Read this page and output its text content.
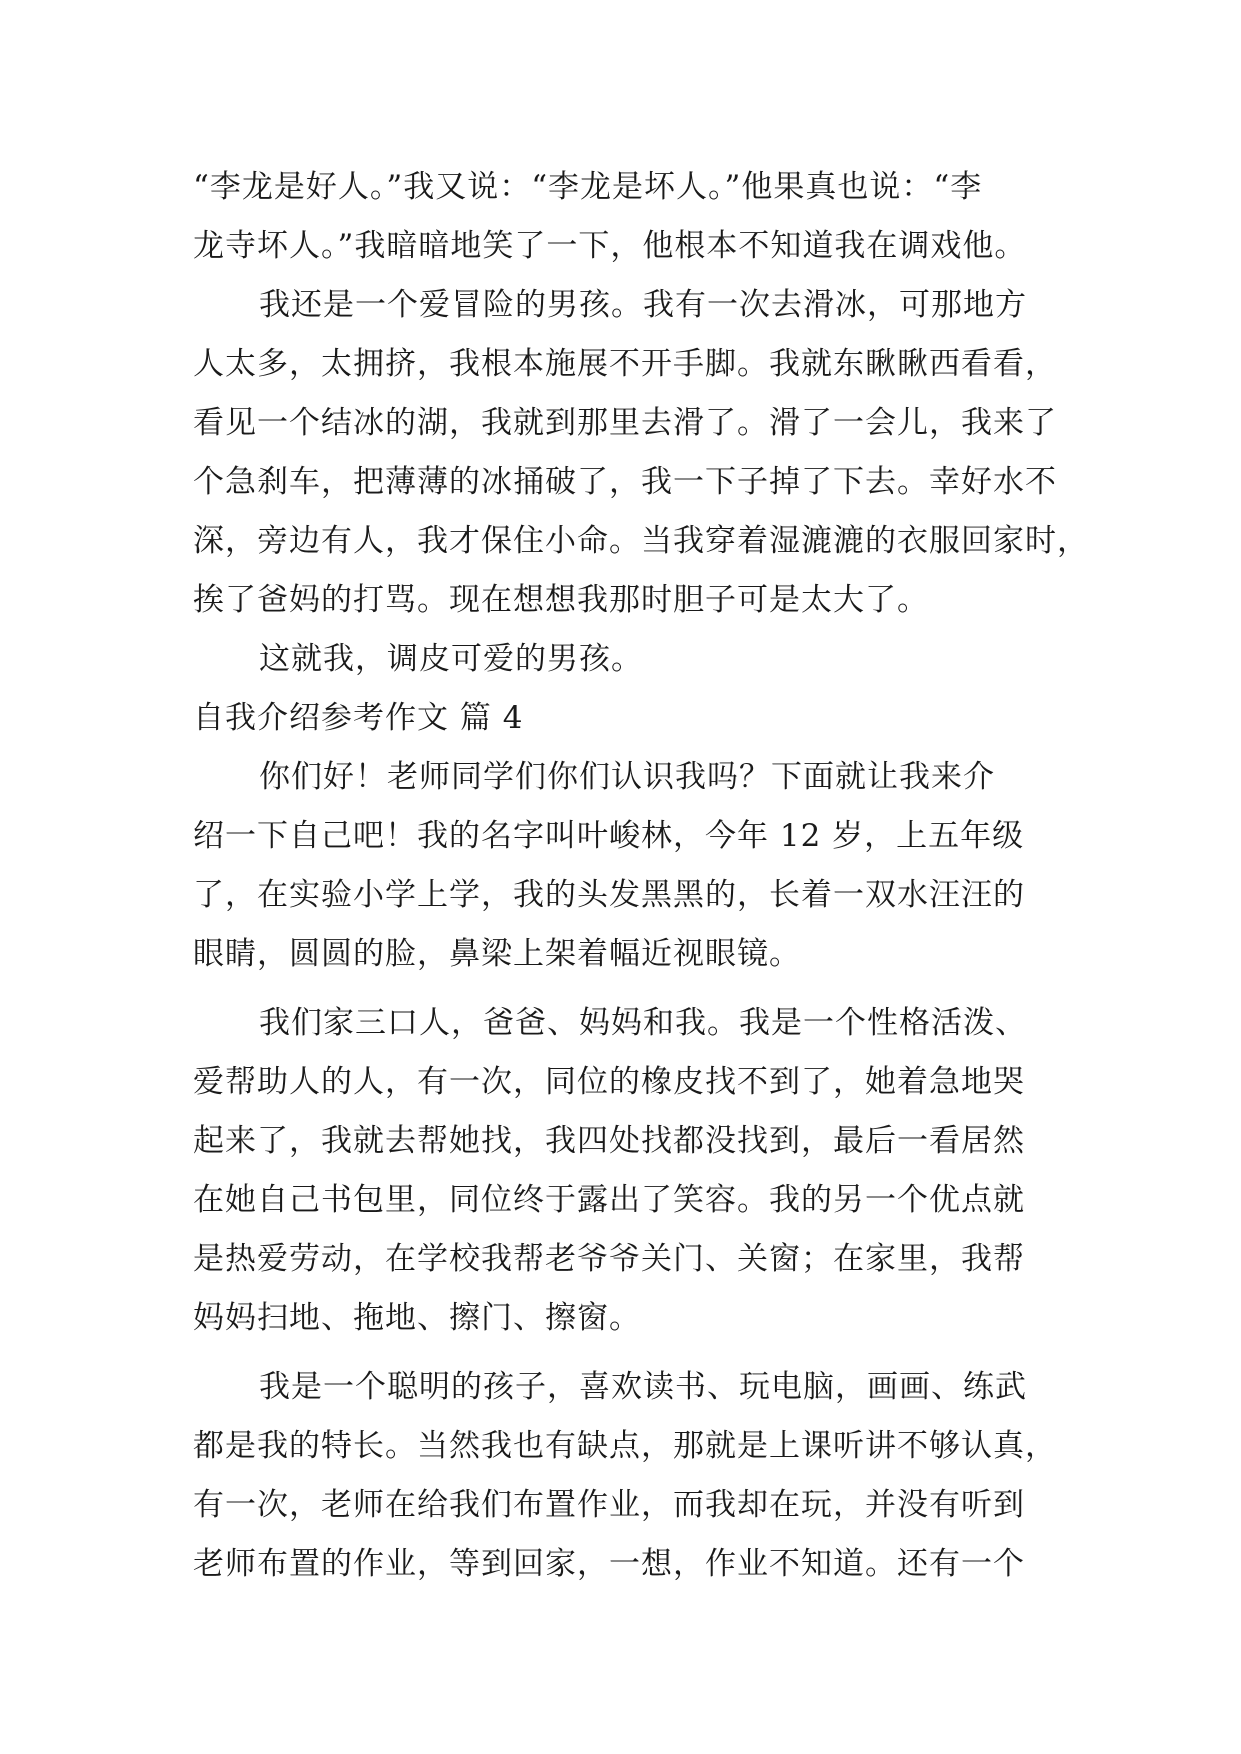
“李龙是好人。”我又说：“李龙是坏人。”他果真也说：“李
龙寺坏人。”我暗暗地笑了一下，他根本不知道我在调戏他。
我还是一个爱冒险的男孩。我有一次去滑冰，可那地方
人太多，太拥挤，我根本施展不开手脚。我就东瞅瞅西看看，
看见一个结冰的湖，我就到那里去滑了。滑了一会儿，我来了
个急刹车，把薄薄的冰捅破了，我一下子掉了下去。幸好水不
深，旁边有人，我才保住小命。当我穿着湿漉漉的衣服回家时，
挨了爸妈的打骂。现在想想我那时胆子可是太大了。
这就我，调皮可爱的男孩。
自我介绍参考作文 篇 4
你们好！老师同学们你们认识我吗？下面就让我来介
绍一下自己吧！我的名字叫叶峻林，今年 12 岁，上五年级
了，在实验小学上学，我的头发黑黑的，长着一双水汪汪的
眼睛，圆圆的脸，鼻梁上架着幅近视眼镜。
我们家三口人，爸爸、妈妈和我。我是一个性格活泼、
爱帮助人的人，有一次，同位的橡皮找不到了，她着急地哭
起来了，我就去帮她找，我四处找都没找到，最后一看居然
在她自己书包里，同位终于露出了笑容。我的另一个优点就
是热爱劳动，在学校我帮老爷爷关门、关窗；在家里，我帮
妈妈扫地、拖地、擦门、擦窗。
我是一个聪明的孩子，喜欢读书、玩电脑，画画、练武
都是我的特长。当然我也有缺点，那就是上课听讲不够认真，
有一次，老师在给我们布置作业，而我却在玩，并没有听到
老师布置的作业，等到回家，一想，作业不知道。还有一个
